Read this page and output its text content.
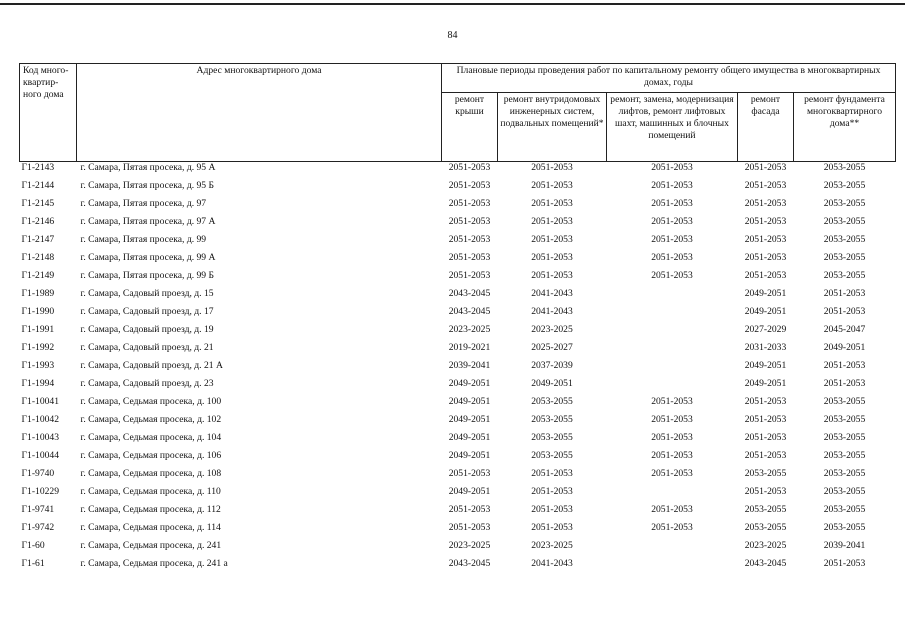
84
Код много-квартир-ного дома	Адрес многоквартирного дома	Плановые периоды проведения работ по капитальному ремонту общего имущества в многоквартирных домах, годы				
		ремонт крыши	ремонт внутридомовых инженерных систем, подвальных помещений*	ремонт, замена, модернизация лифтов, ремонт лифтовых шахт, машинных и блочных помещений	ремонт фасада	ремонт фундамента многоквартирного дома**
Г1-2143	г. Самара, Пятая просека, д. 95 А	2051-2053	2051-2053	2051-2053	2051-2053	2053-2055
Г1-2144	г. Самара, Пятая просека, д. 95 Б	2051-2053	2051-2053	2051-2053	2051-2053	2053-2055
Г1-2145	г. Самара, Пятая просека, д. 97	2051-2053	2051-2053	2051-2053	2051-2053	2053-2055
Г1-2146	г. Самара, Пятая просека, д. 97 А	2051-2053	2051-2053	2051-2053	2051-2053	2053-2055
Г1-2147	г. Самара, Пятая просека, д. 99	2051-2053	2051-2053	2051-2053	2051-2053	2053-2055
Г1-2148	г. Самара, Пятая просека, д. 99 А	2051-2053	2051-2053	2051-2053	2051-2053	2053-2055
Г1-2149	г. Самара, Пятая просека, д. 99 Б	2051-2053	2051-2053	2051-2053	2051-2053	2053-2055
Г1-1989	г. Самара, Садовый проезд, д. 15	2043-2045	2041-2043		2049-2051	2051-2053
Г1-1990	г. Самара, Садовый проезд, д. 17	2043-2045	2041-2043		2049-2051	2051-2053
Г1-1991	г. Самара, Садовый проезд, д. 19	2023-2025	2023-2025		2027-2029	2045-2047
Г1-1992	г. Самара, Садовый проезд, д. 21	2019-2021	2025-2027		2031-2033	2049-2051
Г1-1993	г. Самара, Садовый проезд, д. 21 А	2039-2041	2037-2039		2049-2051	2051-2053
Г1-1994	г. Самара, Садовый проезд, д. 23	2049-2051	2049-2051		2049-2051	2051-2053
Г1-10041	г. Самара, Седьмая просека, д. 100	2049-2051	2053-2055	2051-2053	2051-2053	2053-2055
Г1-10042	г. Самара, Седьмая просека, д. 102	2049-2051	2053-2055	2051-2053	2051-2053	2053-2055
Г1-10043	г. Самара, Седьмая просека, д. 104	2049-2051	2053-2055	2051-2053	2051-2053	2053-2055
Г1-10044	г. Самара, Седьмая просека, д. 106	2049-2051	2053-2055	2051-2053	2051-2053	2053-2055
Г1-9740	г. Самара, Седьмая просека, д. 108	2051-2053	2051-2053	2051-2053	2053-2055	2053-2055
Г1-10229	г. Самара, Седьмая просека, д. 110	2049-2051	2051-2053		2051-2053	2053-2055
Г1-9741	г. Самара, Седьмая просека, д. 112	2051-2053	2051-2053	2051-2053	2053-2055	2053-2055
Г1-9742	г. Самара, Седьмая просека, д. 114	2051-2053	2051-2053	2051-2053	2053-2055	2053-2055
Г1-60	г. Самара, Седьмая просека, д. 241	2023-2025	2023-2025		2023-2025	2039-2041
Г1-61	г. Самара, Седьмая просека, д. 241 а	2043-2045	2041-2043		2043-2045	2051-2053
